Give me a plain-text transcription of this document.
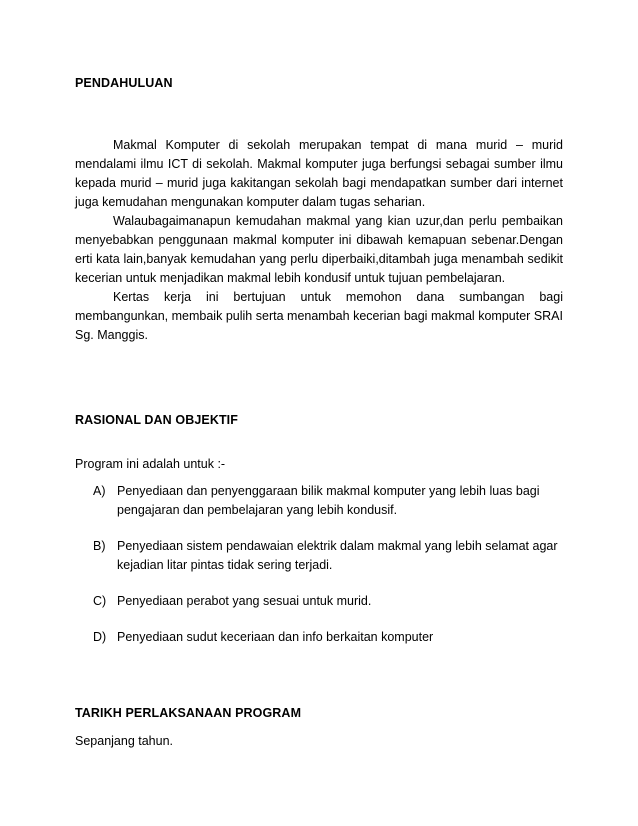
PENDAHULUAN
Makmal Komputer di sekolah merupakan tempat di mana murid – murid mendalami ilmu ICT di sekolah. Makmal komputer juga berfungsi sebagai sumber ilmu kepada murid – murid juga kakitangan sekolah bagi mendapatkan sumber dari internet juga kemudahan mengunakan komputer dalam tugas seharian.
Walaubagaimanapun kemudahan makmal yang kian uzur,dan perlu pembaikan menyebabkan penggunaan makmal komputer ini dibawah kemapuan sebenar.Dengan erti kata lain,banyak kemudahan yang perlu diperbaiki,ditambah juga menambah sedikit kecerian untuk menjadikan makmal lebih kondusif untuk tujuan pembelajaran.
Kertas kerja ini bertujuan untuk memohon dana sumbangan bagi membangunkan, membaik pulih serta menambah kecerian bagi makmal komputer SRAI Sg. Manggis.
RASIONAL DAN OBJEKTIF
Program ini adalah untuk :-
A) Penyediaan dan penyenggaraan bilik makmal komputer yang lebih luas bagi pengajaran dan pembelajaran yang lebih kondusif.
B) Penyediaan sistem pendawaian elektrik dalam makmal yang lebih selamat agar kejadian litar pintas tidak sering terjadi.
C) Penyediaan perabot yang sesuai untuk murid.
D) Penyediaan sudut keceriaan dan info berkaitan komputer
TARIKH PERLAKSANAAN PROGRAM
Sepanjang tahun.
